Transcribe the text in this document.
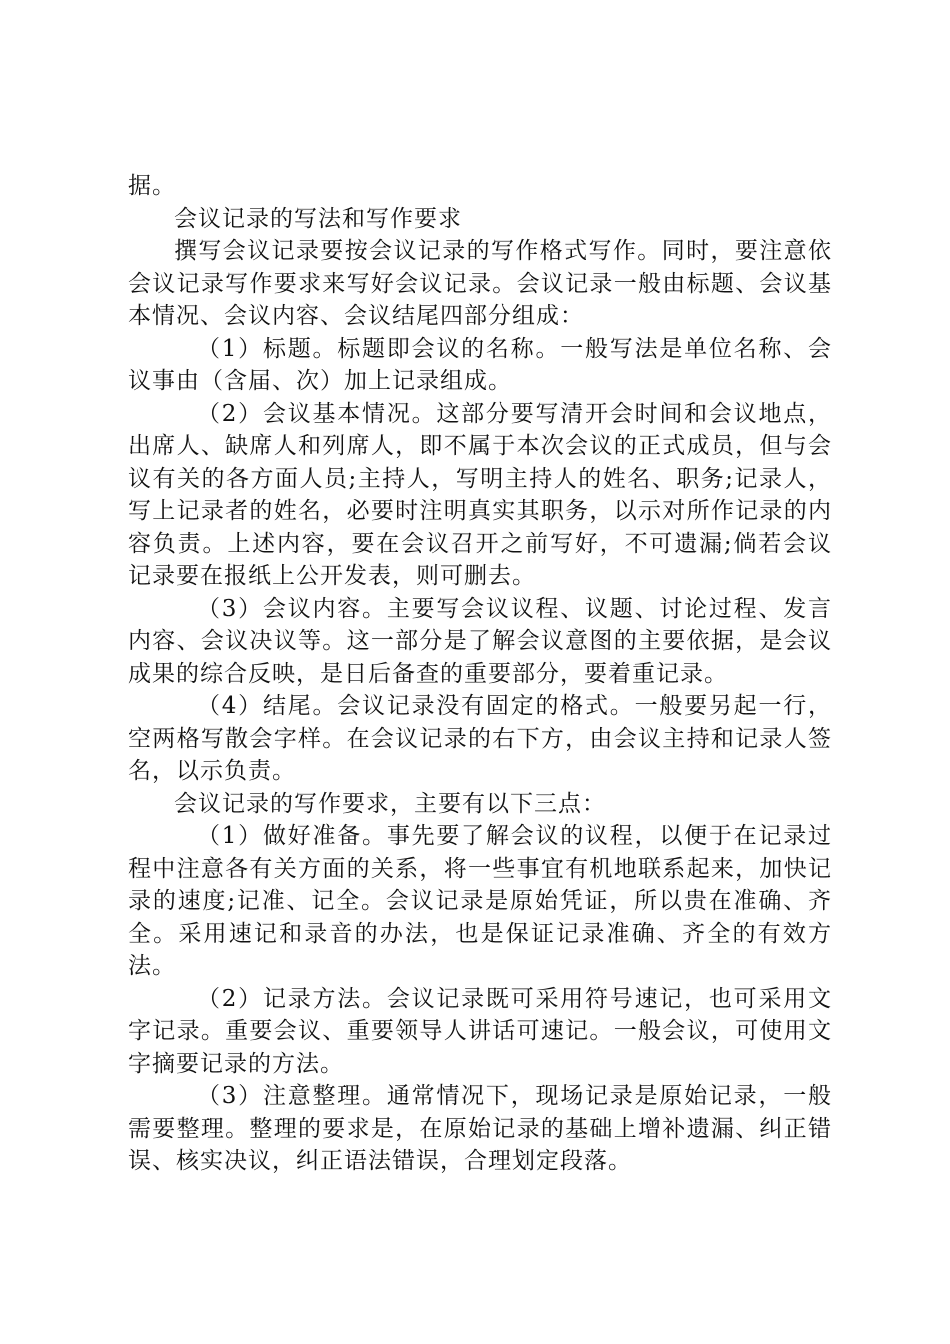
据。

会议记录的写法和写作要求

撰写会议记录要按会议记录的写作格式写作。同时，要注意依会议记录写作要求来写好会议记录。会议记录一般由标题、会议基本情况、会议内容、会议结尾四部分组成：

（1）标题。标题即会议的名称。一般写法是单位名称、会议事由（含届、次）加上记录组成。

（2）会议基本情况。这部分要写清开会时间和会议地点，出席人、缺席人和列席人，即不属于本次会议的正式成员，但与会议有关的各方面人员;主持人，写明主持人的姓名、职务;记录人，写上记录者的姓名，必要时注明真实其职务，以示对所作记录的内容负责。上述内容，要在会议召开之前写好，不可遗漏;倘若会议记录要在报纸上公开发表，则可删去。

（3）会议内容。主要写会议议程、议题、讨论过程、发言内容、会议决议等。这一部分是了解会议意图的主要依据，是会议成果的综合反映，是日后备查的重要部分，要着重记录。

（4）结尾。会议记录没有固定的格式。一般要另起一行，空两格写散会字样。在会议记录的右下方，由会议主持和记录人签名，以示负责。

会议记录的写作要求，主要有以下三点：

（1）做好准备。事先要了解会议的议程，以便于在记录过程中注意各有关方面的关系，将一些事宜有机地联系起来，加快记录的速度;记准、记全。会议记录是原始凭证，所以贵在准确、齐全。采用速记和录音的办法，也是保证记录准确、齐全的有效方法。

（2）记录方法。会议记录既可采用符号速记，也可采用文字记录。重要会议、重要领导人讲话可速记。一般会议，可使用文字摘要记录的方法。

（3）注意整理。通常情况下，现场记录是原始记录，一般需要整理。整理的要求是，在原始记录的基础上增补遗漏、纠正错误、核实决议，纠正语法错误，合理划定段落。
